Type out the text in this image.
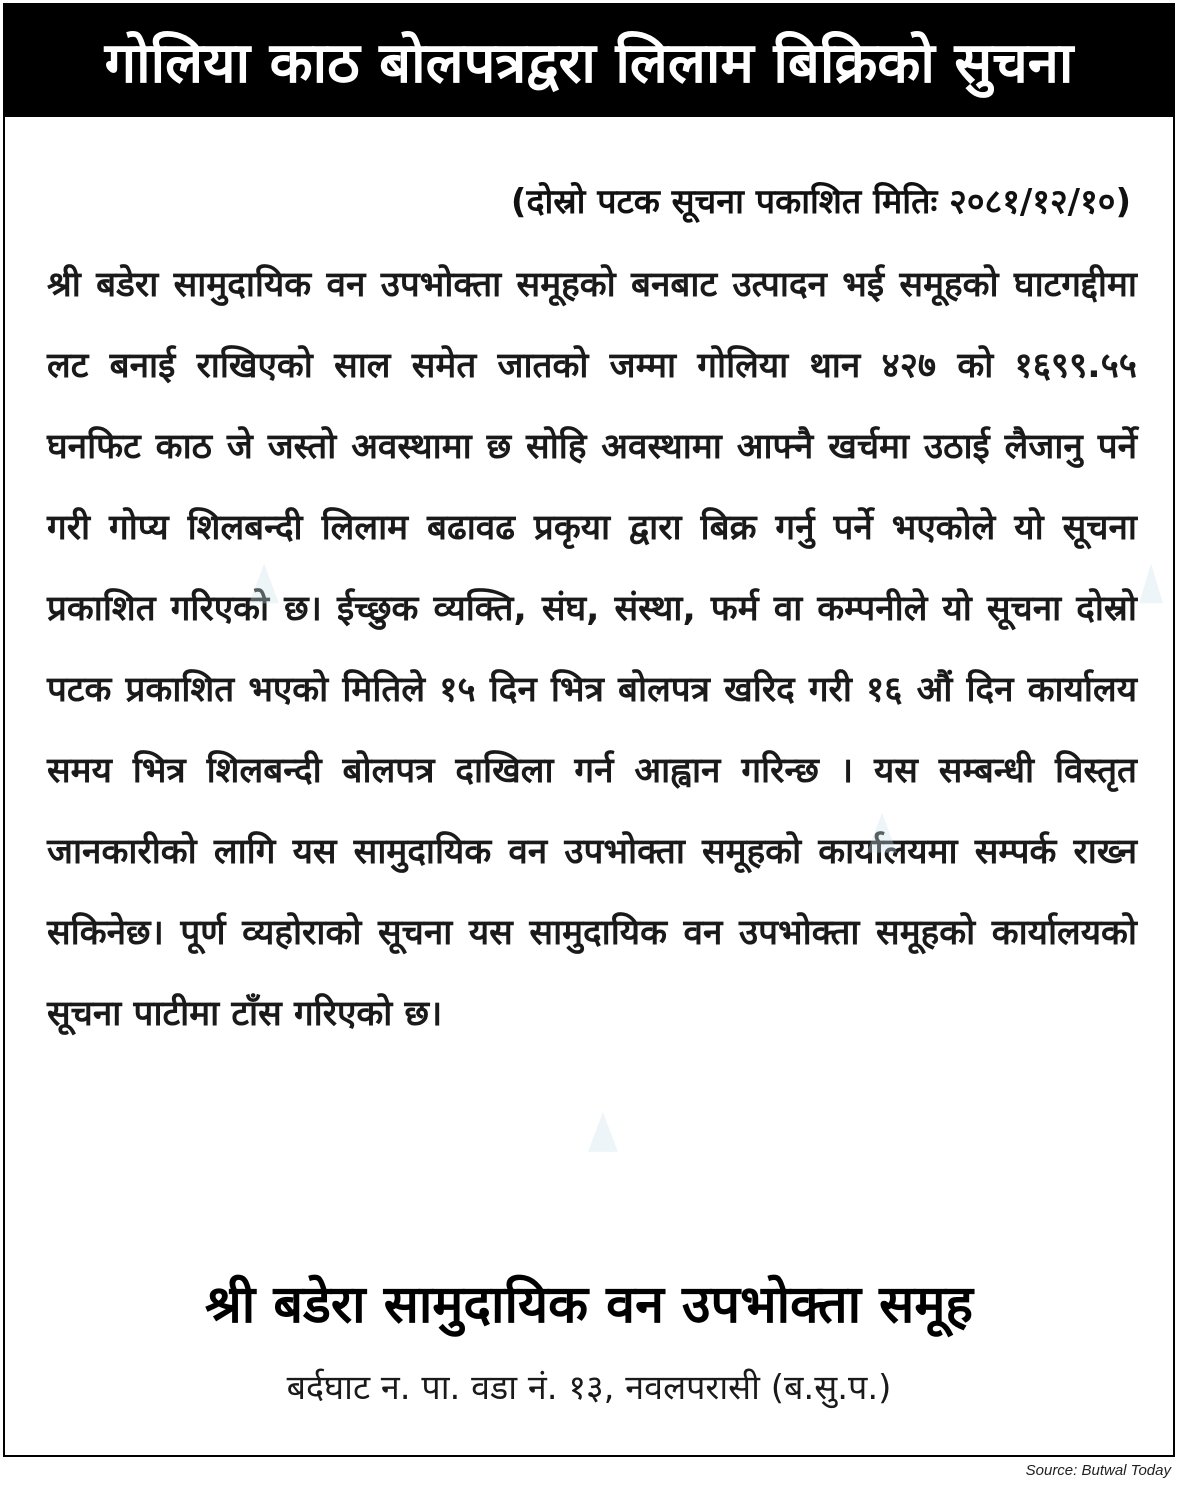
गोलिया काठ बोलपत्रद्वरा लिलाम बिक्रिको सुचना
(दोस्रो पटक सूचना पकाशित मितिः २०८१/१२/१०)
श्री बडेरा सामुदायिक वन उपभोक्ता समूहको बनबाट उत्पादन भई समूहको घाटगद्दीमा लट बनाई राखिएको साल समेत जातको जम्मा गोलिया थान ४२७ को १६९९.५५ घनफिट काठ जे जस्तो अवस्थामा छ सोहि अवस्थामा आफ्नै खर्चमा उठाई लैजानु पर्ने गरी गोप्य शिलबन्दी लिलाम बढावढ प्रकृया द्वारा बिक्र गर्नु पर्ने भएकोले यो सूचना प्रकाशित गरिएको छ। ईच्छुक व्यक्ति, संघ, संस्था, फर्म वा कम्पनीले यो सूचना दोस्रो पटक प्रकाशित भएको मितिले १५ दिन भित्र बोलपत्र खरिद गरी १६ औं दिन कार्यालय समय भित्र शिलबन्दी बोलपत्र दाखिला गर्न आह्वान गरिन्छ । यस सम्बन्धी विस्तृत जानकारीको लागि यस सामुदायिक वन उपभोक्ता समूहको कार्यालयमा सम्पर्क राख्न सकिनेछ। पूर्ण व्यहोराको सूचना यस सामुदायिक वन उपभोक्ता समूहको कार्यालयको सूचना पाटीमा टाँस गरिएको छ।
श्री बडेरा सामुदायिक वन उपभोक्ता समूह
बर्दघाट न. पा. वडा नं. १३, नवलपरासी (ब.सु.प.)
Source: Butwal Today
